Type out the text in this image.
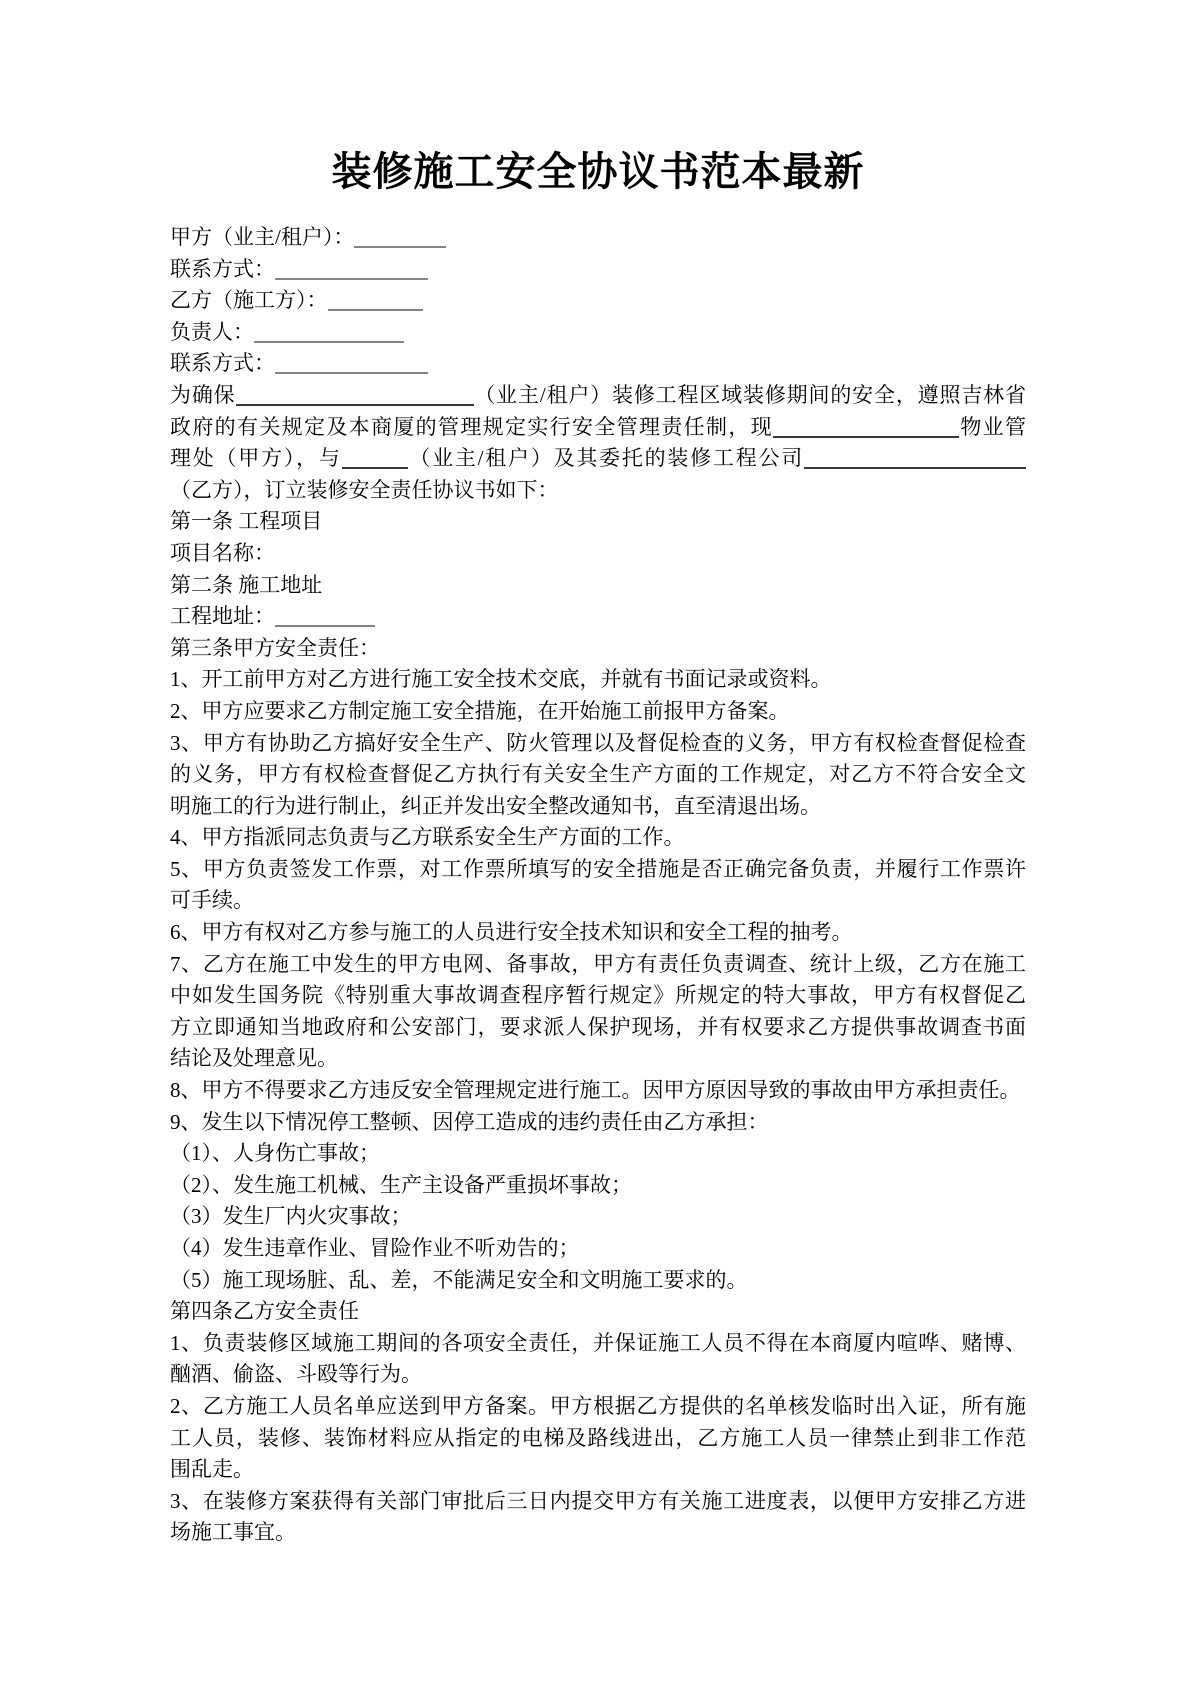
装修施工安全协议书范本最新
甲方（业主/租户）：
联系方式：
乙方（施工方）：
负责人：
联系方式：
为确保	（业主/租户）装修工程区域装修期间的安全，遵照吉林省
政府的有关规定及本商厦的管理规定实行安全管理责任制，现	物业管
理处（甲方），与	（业主/租户）及其委托的装修工程公司
（乙方），订立装修安全责任协议书如下：
第一条 工程项目
项目名称：
第二条 施工地址
工程地址：
第三条甲方安全责任：
1、开工前甲方对乙方进行施工安全技术交底，并就有书面记录或资料。
2、甲方应要求乙方制定施工安全措施，在开始施工前报甲方备案。
3、甲方有协助乙方搞好安全生产、防火管理以及督促检查的义务，甲方有权检查督促检查
的义务，甲方有权检查督促乙方执行有关安全生产方面的工作规定，对乙方不符合安全文
明施工的行为进行制止，纠正并发出安全整改通知书，直至清退出场。
4、甲方指派同志负责与乙方联系安全生产方面的工作。
5、甲方负责签发工作票，对工作票所填写的安全措施是否正确完备负责，并履行工作票许
可手续。
6、甲方有权对乙方参与施工的人员进行安全技术知识和安全工程的抽考。
7、乙方在施工中发生的甲方电网、备事故，甲方有责任负责调查、统计上级，乙方在施工
中如发生国务院《特别重大事故调查程序暂行规定》所规定的特大事故，甲方有权督促乙
方立即通知当地政府和公安部门，要求派人保护现场，并有权要求乙方提供事故调查书面
结论及处理意见。
8、甲方不得要求乙方违反安全管理规定进行施工。因甲方原因导致的事故由甲方承担责任。
9、发生以下情况停工整顿、因停工造成的违约责任由乙方承担：
（1）、人身伤亡事故；
（2）、发生施工机械、生产主设备严重损坏事故；
（3）发生厂内火灾事故；
（4）发生违章作业、冒险作业不听劝告的；
（5）施工现场脏、乱、差，不能满足安全和文明施工要求的。
第四条乙方安全责任
1、负责装修区域施工期间的各项安全责任，并保证施工人员不得在本商厦内喧哗、赌博、
酗酒、偷盗、斗殴等行为。
2、乙方施工人员名单应送到甲方备案。甲方根据乙方提供的名单核发临时出入证，所有施
工人员，装修、装饰材料应从指定的电梯及路线进出，乙方施工人员一律禁止到非工作范
围乱走。
3、在装修方案获得有关部门审批后三日内提交甲方有关施工进度表，以便甲方安排乙方进
场施工事宜。
